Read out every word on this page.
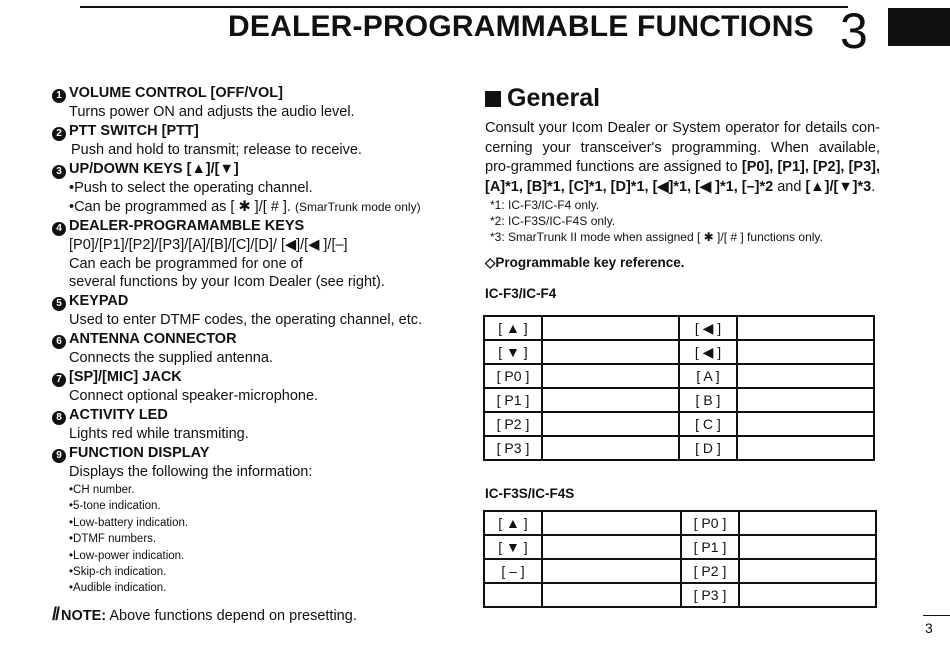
DEALER-PROGRAMMABLE FUNCTIONS 3
1 VOLUME CONTROL [OFF/VOL]
Turns power ON and adjusts the audio level.
2 PTT SWITCH [PTT]
Push and hold to transmit; release to receive.
3 UP/DOWN KEYS [▲]/[▼]
•Push to select the operating channel.
•Can be programmed as [ ✱ ]/[ # ]. (SmarTrunk mode only)
4 DEALER-PROGRAMAMBLE KEYS
[P0]/[P1]/[P2]/[P3]/[A]/[B]/[C]/[D]/ [◀]/[◀ ]/[–]
Can each be programmed for one of
several functions by your Icom Dealer (see right).
5 KEYPAD
Used to enter DTMF codes, the operating channel, etc.
6 ANTENNA CONNECTOR
Connects the supplied antenna.
7 [SP]/[MIC] JACK
Connect optional speaker-microphone.
8 ACTIVITY LED
Lights red while transmiting.
9 FUNCTION DISPLAY
Displays the following the information:
•CH number.
•5-tone indication.
•Low-battery indication.
•DTMF numbers.
•Low-power indication.
•Skip-ch indication.
•Audible indication.
// NOTE: Above functions depend on presetting.
General
Consult your Icom Dealer or System operator for details con-cerning your transceiver's programming. When available, pro-grammed functions are assigned to [P0], [P1], [P2], [P3], [A]*1, [B]*1, [C]*1, [D]*1, [◀]*1, [◀ ]*1, [–]*2 and [▲]/[▼]*3.
*1: IC-F3/IC-F4 only.
*2: IC-F3S/IC-F4S only.
*3: SmarTrunk II mode when assigned [ ✱ ]/[ # ] functions only.
◇Programmable key reference.
IC-F3/IC-F4
[ ▲ ]		[ ◀ ]	
[ ▼ ]		[ ◀ ]	
[ P0 ]		[ A ]	
[ P1 ]		[ B ]	
[ P2 ]		[ C ]	
[ P3 ]		[ D ]	
IC-F3S/IC-F4S
[ ▲ ]		[ P0 ]	
[ ▼ ]		[ P1 ]	
[ – ]		[ P2 ]	
		[ P3 ]	
3
